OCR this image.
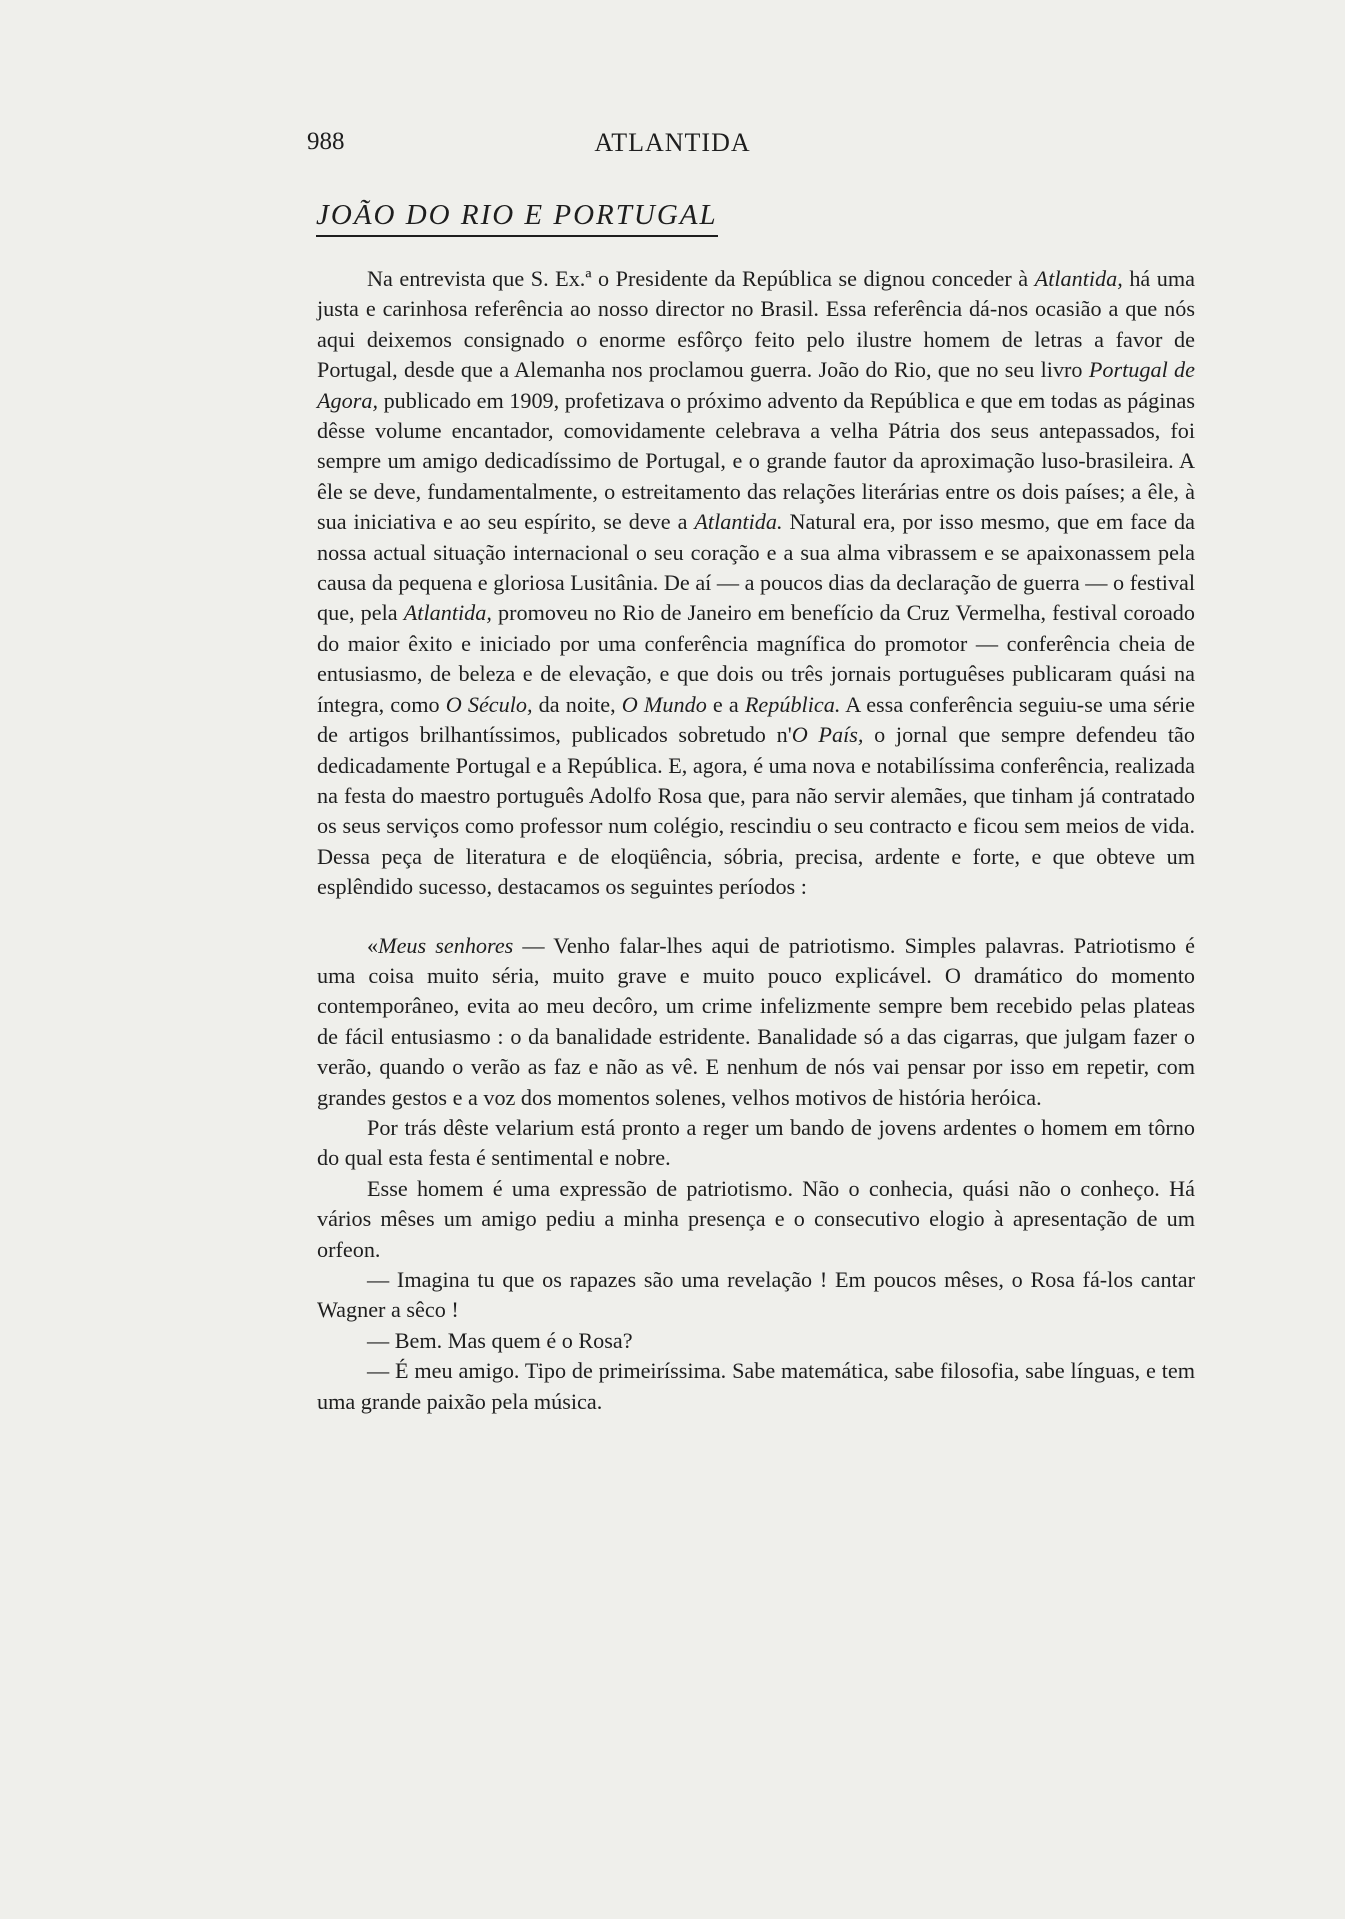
988	ATLANTIDA
JOÃO DO RIO E PORTUGAL

Na entrevista que S. Ex.ª o Presidente da República se dignou conceder à Atlantida, há uma justa e carinhosa referência ao nosso director no Brasil. Essa referência dá-nos ocasião a que nós aqui deixemos consignado o enorme esfôrço feito pelo ilustre homem de letras a favor de Portugal, desde que a Alemanha nos proclamou guerra. João do Rio, que no seu livro Portugal de Agora, publicado em 1909, profetizava o próximo advento da República e que em todas as páginas dêsse volume encantador, comovidamente celebrava a velha Pátria dos seus antepassados, foi sempre um amigo dedicadíssimo de Portugal, e o grande fautor da aproximação luso-brasileira. A êle se deve, fundamentalmente, o estreitamento das relações literárias entre os dois países; a êle, à sua iniciativa e ao seu espírito, se deve a Atlantida. Natural era, por isso mesmo, que em face da nossa actual situação internacional o seu coração e a sua alma vibrassem e se apaixonassem pela causa da pequena e gloriosa Lusitânia. De aí — a poucos dias da declaração de guerra — o festival que, pela Atlantida, promoveu no Rio de Janeiro em benefício da Cruz Vermelha, festival coroado do maior êxito e iniciado por uma conferência magnífica do promotor — conferência cheia de entusiasmo, de beleza e de elevação, e que dois ou três jornais portuguêses publicaram quási na íntegra, como O Século, da noite, O Mundo e a República. A essa conferência seguiu-se uma série de artigos brilhantíssimos, publicados sobretudo n'O País, o jornal que sempre defendeu tão dedicadamente Portugal e a República. E, agora, é uma nova e notabilíssima conferência, realizada na festa do maestro português Adolfo Rosa que, para não servir alemães, que tinham já contratado os seus serviços como professor num colégio, rescindiu o seu contracto e ficou sem meios de vida. Dessa peça de literatura e de eloqüência, sóbria, precisa, ardente e forte, e que obteve um esplêndido sucesso, destacamos os seguintes períodos :

«Meus senhores — Venho falar-lhes aqui de patriotismo. Simples palavras. Patriotismo é uma coisa muito séria, muito grave e muito pouco explicável. O dramático do momento contemporâneo, evita ao meu decôro, um crime infelizmente sempre bem recebido pelas plateas de fácil entusiasmo : o da banalidade estridente. Banalidade só a das cigarras, que julgam fazer o verão, quando o verão as faz e não as vê. E nenhum de nós vai pensar por isso em repetir, com grandes gestos e a voz dos momentos solenes, velhos motivos de história heróica.

Por trás dêste velarium está pronto a reger um bando de jovens ardentes o homem em tôrno do qual esta festa é sentimental e nobre.

Esse homem é uma expressão de patriotismo. Não o conhecia, quási não o conheço. Há vários mêses um amigo pediu a minha presença e o consecutivo elogio à apresentação de um orfeon.

— Imagina tu que os rapazes são uma revelação ! Em poucos mêses, o Rosa fá-los cantar Wagner a sêco !

— Bem. Mas quem é o Rosa?

— É meu amigo. Tipo de primeiríssima. Sabe matemática, sabe filosofia, sabe línguas, e tem uma grande paixão pela música.
